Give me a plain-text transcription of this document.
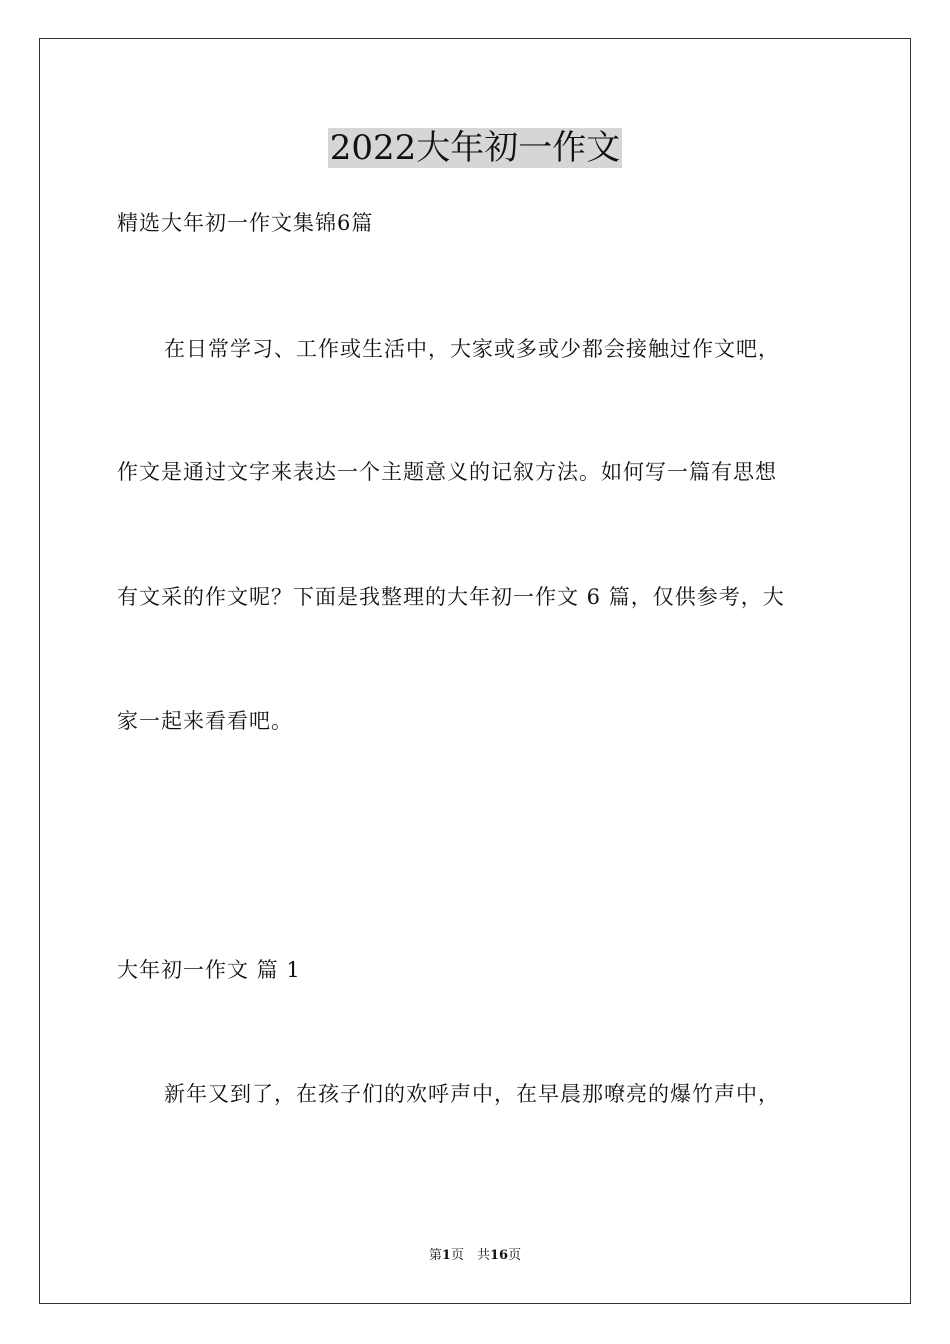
2022大年初一作文
精选大年初一作文集锦6篇
在日常学习、工作或生活中，大家或多或少都会接触过作文吧，
作文是通过文字来表达一个主题意义的记叙方法。如何写一篇有思想
有文采的作文呢？下面是我整理的大年初一作文 6 篇，仅供参考，大
家一起来看看吧。
大年初一作文 篇 1
新年又到了，在孩子们的欢呼声中，在早晨那嘹亮的爆竹声中，
第1页　共16页
